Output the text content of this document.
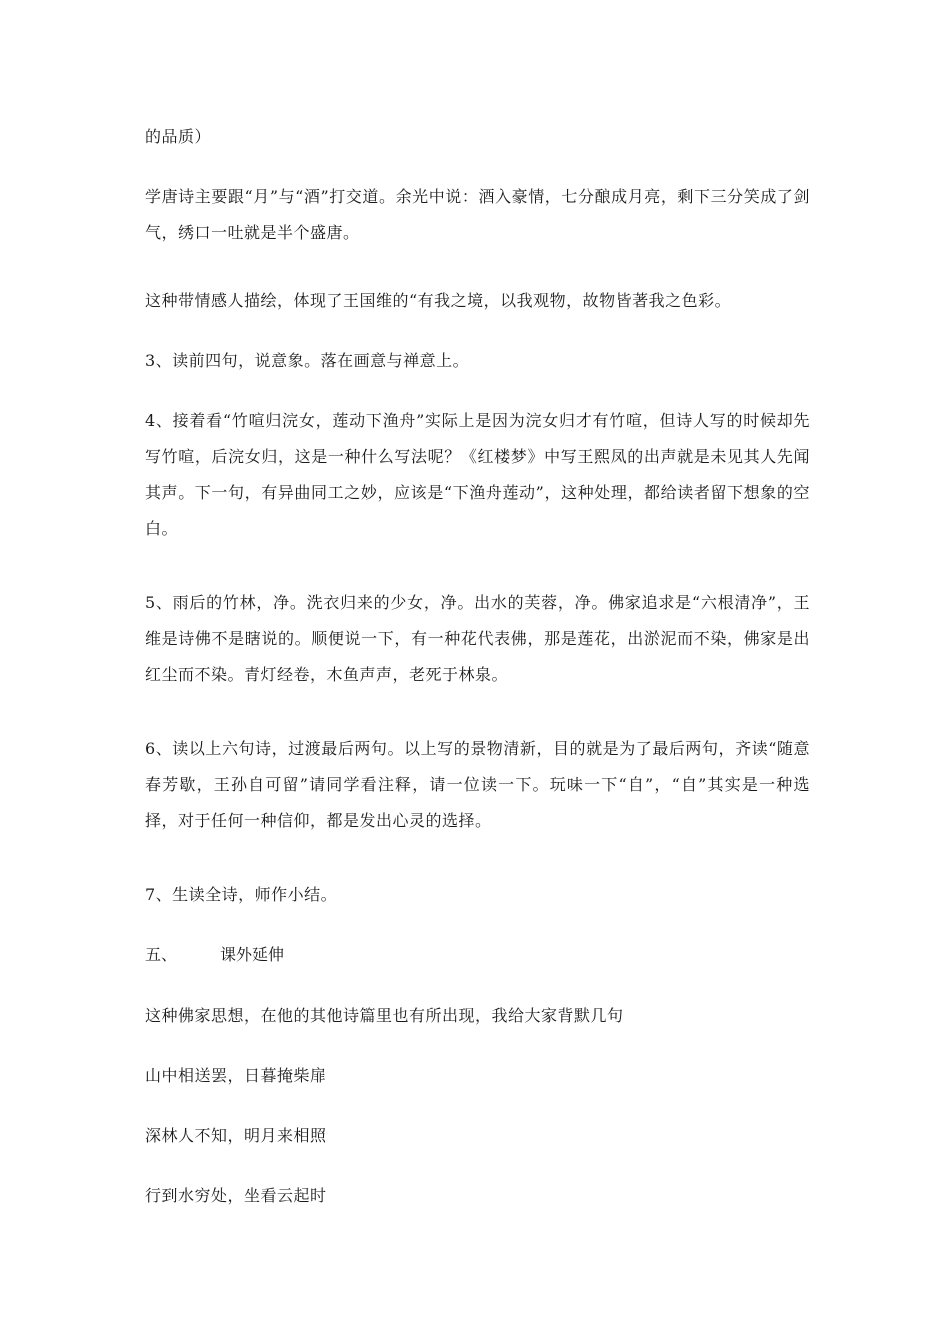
的品质）

学唐诗主要跟“月”与“酒”打交道。余光中说：酒入豪情，七分酿成月亮，剩下三分笑成了剑气，绣口一吐就是半个盛唐。

这种带情感人描绘，体现了王国维的“有我之境，以我观物，故物皆著我之色彩。

3、读前四句，说意象。落在画意与禅意上。

4、接着看“竹喧归浣女，莲动下渔舟”实际上是因为浣女归才有竹喧，但诗人写的时候却先写竹喧，后浣女归，这是一种什么写法呢？《红楼梦》中写王熙凤的出声就是未见其人先闻其声。下一句，有异曲同工之妙，应该是“下渔舟莲动”，这种处理，都给读者留下想象的空白。

5、雨后的竹林，净。洗衣归来的少女，净。出水的芙蓉，净。佛家追求是“六根清净”，王维是诗佛不是瞎说的。顺便说一下，有一种花代表佛，那是莲花，出淤泥而不染，佛家是出红尘而不染。青灯经卷，木鱼声声，老死于林泉。

6、读以上六句诗，过渡最后两句。以上写的景物清新，目的就是为了最后两句，齐读“随意春芳歇，王孙自可留”请同学看注释，请一位读一下。玩味一下“自”，“自”其实是一种选择，对于任何一种信仰，都是发出心灵的选择。

7、生读全诗，师作小结。

五、	课外延伸

这种佛家思想，在他的其他诗篇里也有所出现，我给大家背默几句

山中相送罢，日暮掩柴扉

深林人不知，明月来相照

行到水穷处，坐看云起时
